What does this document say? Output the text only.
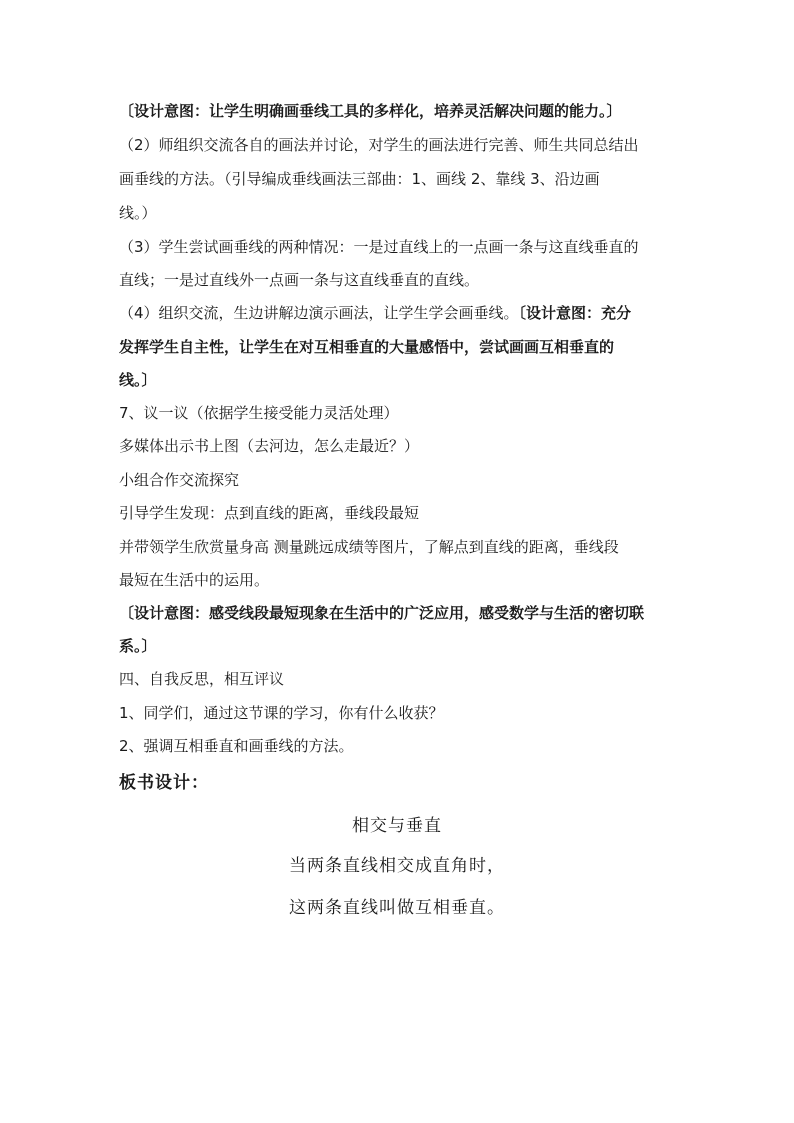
〔设计意图：让学生明确画垂线工具的多样化，培养灵活解决问题的能力。〕
（2）师组织交流各自的画法并讨论，对学生的画法进行完善、师生共同总结出
画垂线的方法。（引导编成垂线画法三部曲：1、画线 2、靠线 3、沿边画
线。）
（3）学生尝试画垂线的两种情况：一是过直线上的一点画一条与这直线垂直的
直线；一是过直线外一点画一条与这直线垂直的直线。
（4）组织交流，生边讲解边演示画法，让学生学会画垂线。〔设计意图：充分
发挥学生自主性，让学生在对互相垂直的大量感悟中，尝试画画互相垂直的
线。〕
7、议一议（依据学生接受能力灵活处理）
多媒体出示书上图（去河边，怎么走最近？）
小组合作交流探究
引导学生发现：点到直线的距离，垂线段最短
并带领学生欣赏量身高 测量跳远成绩等图片，了解点到直线的距离，垂线段
最短在生活中的运用。
〔设计意图：感受线段最短现象在生活中的广泛应用，感受数学与生活的密切联
系。〕
四、自我反思，相互评议
1、同学们，通过这节课的学习，你有什么收获？
2、强调互相垂直和画垂线的方法。
板书设计：
相交与垂直
当两条直线相交成直角时，
这两条直线叫做互相垂直。
